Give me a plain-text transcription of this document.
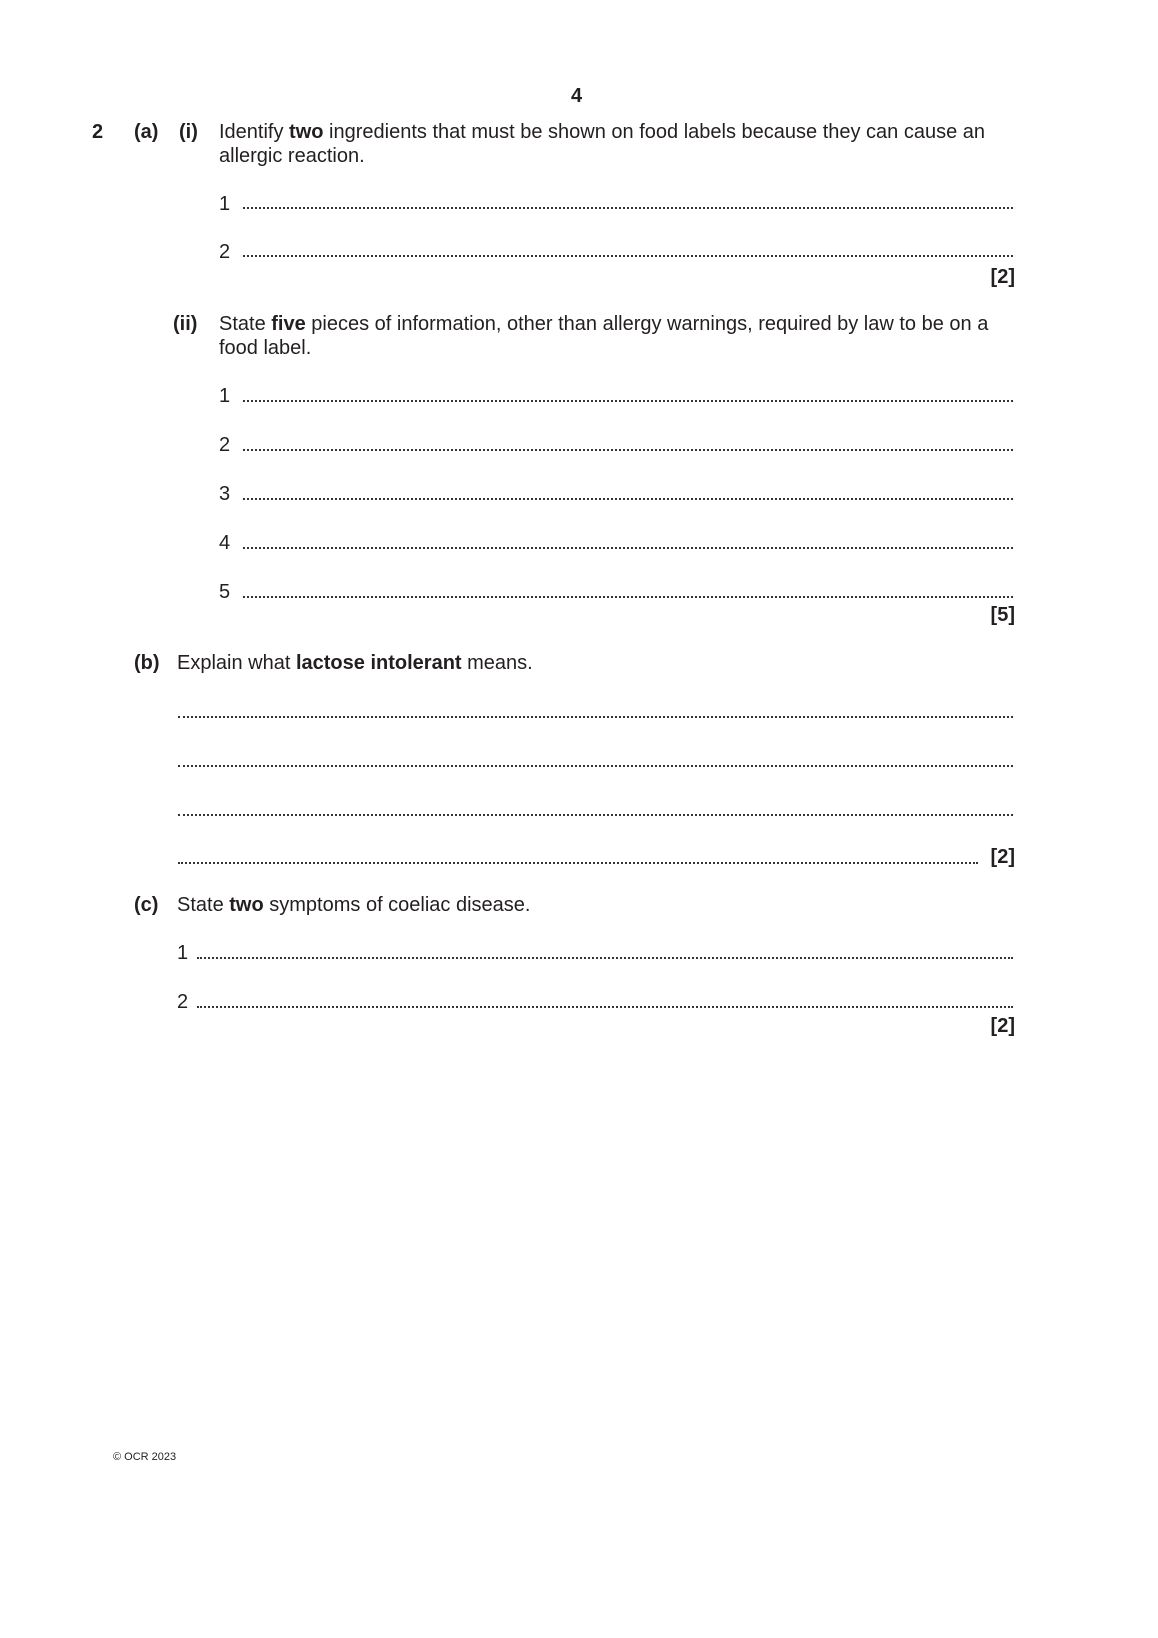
4
2 (a) (i) Identify two ingredients that must be shown on food labels because they can cause an
allergic reaction.
1
2
[2]
(ii) State five pieces of information, other than allergy warnings, required by law to be on a
food label.
1
2
3
4
5
[5]
(b) Explain what lactose intolerant means.
[2]
(c) State two symptoms of coeliac disease.
1
2
[2]
© OCR 2023
